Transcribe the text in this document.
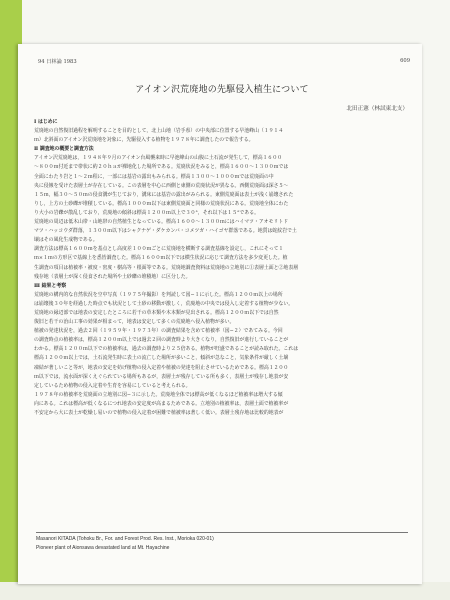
94 日林論 1983	609
アイオン沢荒廃地の先駆侵入植生について
北田正憲（林試東北支）

Ⅰ はじめに

荒廃地の自然復旧過程を解明することを目的として，北上山地（岩手県）の中央部に位置する早池峰山（１９１４

ｍ）北斜面のアイオン沢荒廃地を対象に，先駆侵入する植物を１９７８年に調査したので報告する。

Ⅱ 調査地の概要と調査方法

アイオン沢荒廃地は，１９４８年９月のアイオン台風襲来時に早池峰山の山腹に土石流が発生して，標高１６００

〜８００ｍ付近まで帯状に約２０ｈａが裸地化した場所である。荒廃状況をみると，標高１６００〜１３００ｍでは

全面にわたり岩と１〜２ｍ程に，一部には基岩の露出もみられる。標高１３００〜１０００ｍでは荒廃面の中

央に侵蝕を受けた表層土が存在している。この表層を中心に西側と東側の荒廃状況が異なる。西側荒廃面は深さ５〜

１５ｍ，幅３０〜５０ｍの侵食溝が生じており，溝床には基岩の露出がみられる。東側荒廃面は表土が浅く崩壊された

りし，上方の土砂礫が堆積している。標高１０００ｍ以下は東側荒廃面と同様の荒廃状況にある。荒廃地全体にわた

り大小の岩礫が散乱しており，荒廃地の傾斜は標高１２００ｍ以上で３０°，それ以下は１５°である。

荒廃地の周辺は低木山帯・山地帯の自然植生となっている。標高１６００〜１３００ｍにはハイマツ・アオモリトド

マツ・ハッコウダ群落，１３００ｍ以下はシャクナゲ・ダケカンバ・コメツガ・ハイゴヤ群落である。地質は蛇紋岩で土

壌はその風化生成物である。

調査方法は標高１６００ｍを基点とし高度差１００ｍごとに荒廃地を横断する調査基線を設定し，これにそって１

ｍ×１ｍの方形区で基線上を悉皆調査した。標高１６００ｍ以下では横生状況に応じて調査方法を多少変更した。植

生調査の項目は植被率・被度・密度・樹高等・根面等である。荒廃地調査資料は荒廃地の立地別に①表層土面と②地表層

残存地（表層土が深く侵食された場所や土砂礫の堆積地）に区分した。

Ⅲ 結果と考察

荒廃地の構内的な自然状況を空中写真（１９７５年撮影）を判読して図−１に示した。標高１２００ｍ以上の場所

は崩壊後３０年を経過した時点でも状況として土砂の移動が激しく，荒廃地の中央では侵入し定着する植物が少ない。

荒廃地の縁辺部では地表の安定したところに若干の草本類や木本類が見出される。標高１２００ｍ以下では自然

復旧と若干の治山工事の効果が相まって，地表は安定して多くの荒廃地へ侵入植物が多い。

植被の発達状況を，過去２回（１９５９年・１９７３年）の調査結果を含めて植被率（図−２）であてみる。今回

の調査時点の植被率は，標高１２００ｍ以上では過去２回の調査時より大きくなり，自然復旧が進行していることが

わかる。標高１２００ｍ以下での植被率は，過去の調査時より２５倍ある。植物が旺盛であることが読み取れた。これは

標高１２００ｍ以上では，土石流発生時に表土の流亡した場所が多いこと，傾斜が急なこと，気象条件が厳しく土壌

凍結が著しいこと等が，地表の安定を妨げ植物の侵入定着や植被の発達を阻止させているためである。標高１２００

ｍ以下では，流水面が深くえぐられている場所もあるが，表層土が残存している所も多く，表層土が残存し地表が安

定しているため植物の侵入定着や生育を容易にしていると考えられる。

１９７８年の植被率を荒廃面の立地別に図−３に示した。荒廃地全体では標高が低くなるほど植被率は増大する傾

向にある。これは標高が低くなるにつれ地表の安定度が高まるためである。立地別の植被率は，表層土面で植被率が

不安定から大に表土が乾燥し易いので植物の侵入定着が困難で植被率は著しく低い。表層土残存地は比較的地表が

Masanori KITADA (Tohoku Br., For. and Forest Prod. Res. Inst., Morioka 020-01)
Pioneer plant of Aionsawa devastated land at Mt. Hayachine
